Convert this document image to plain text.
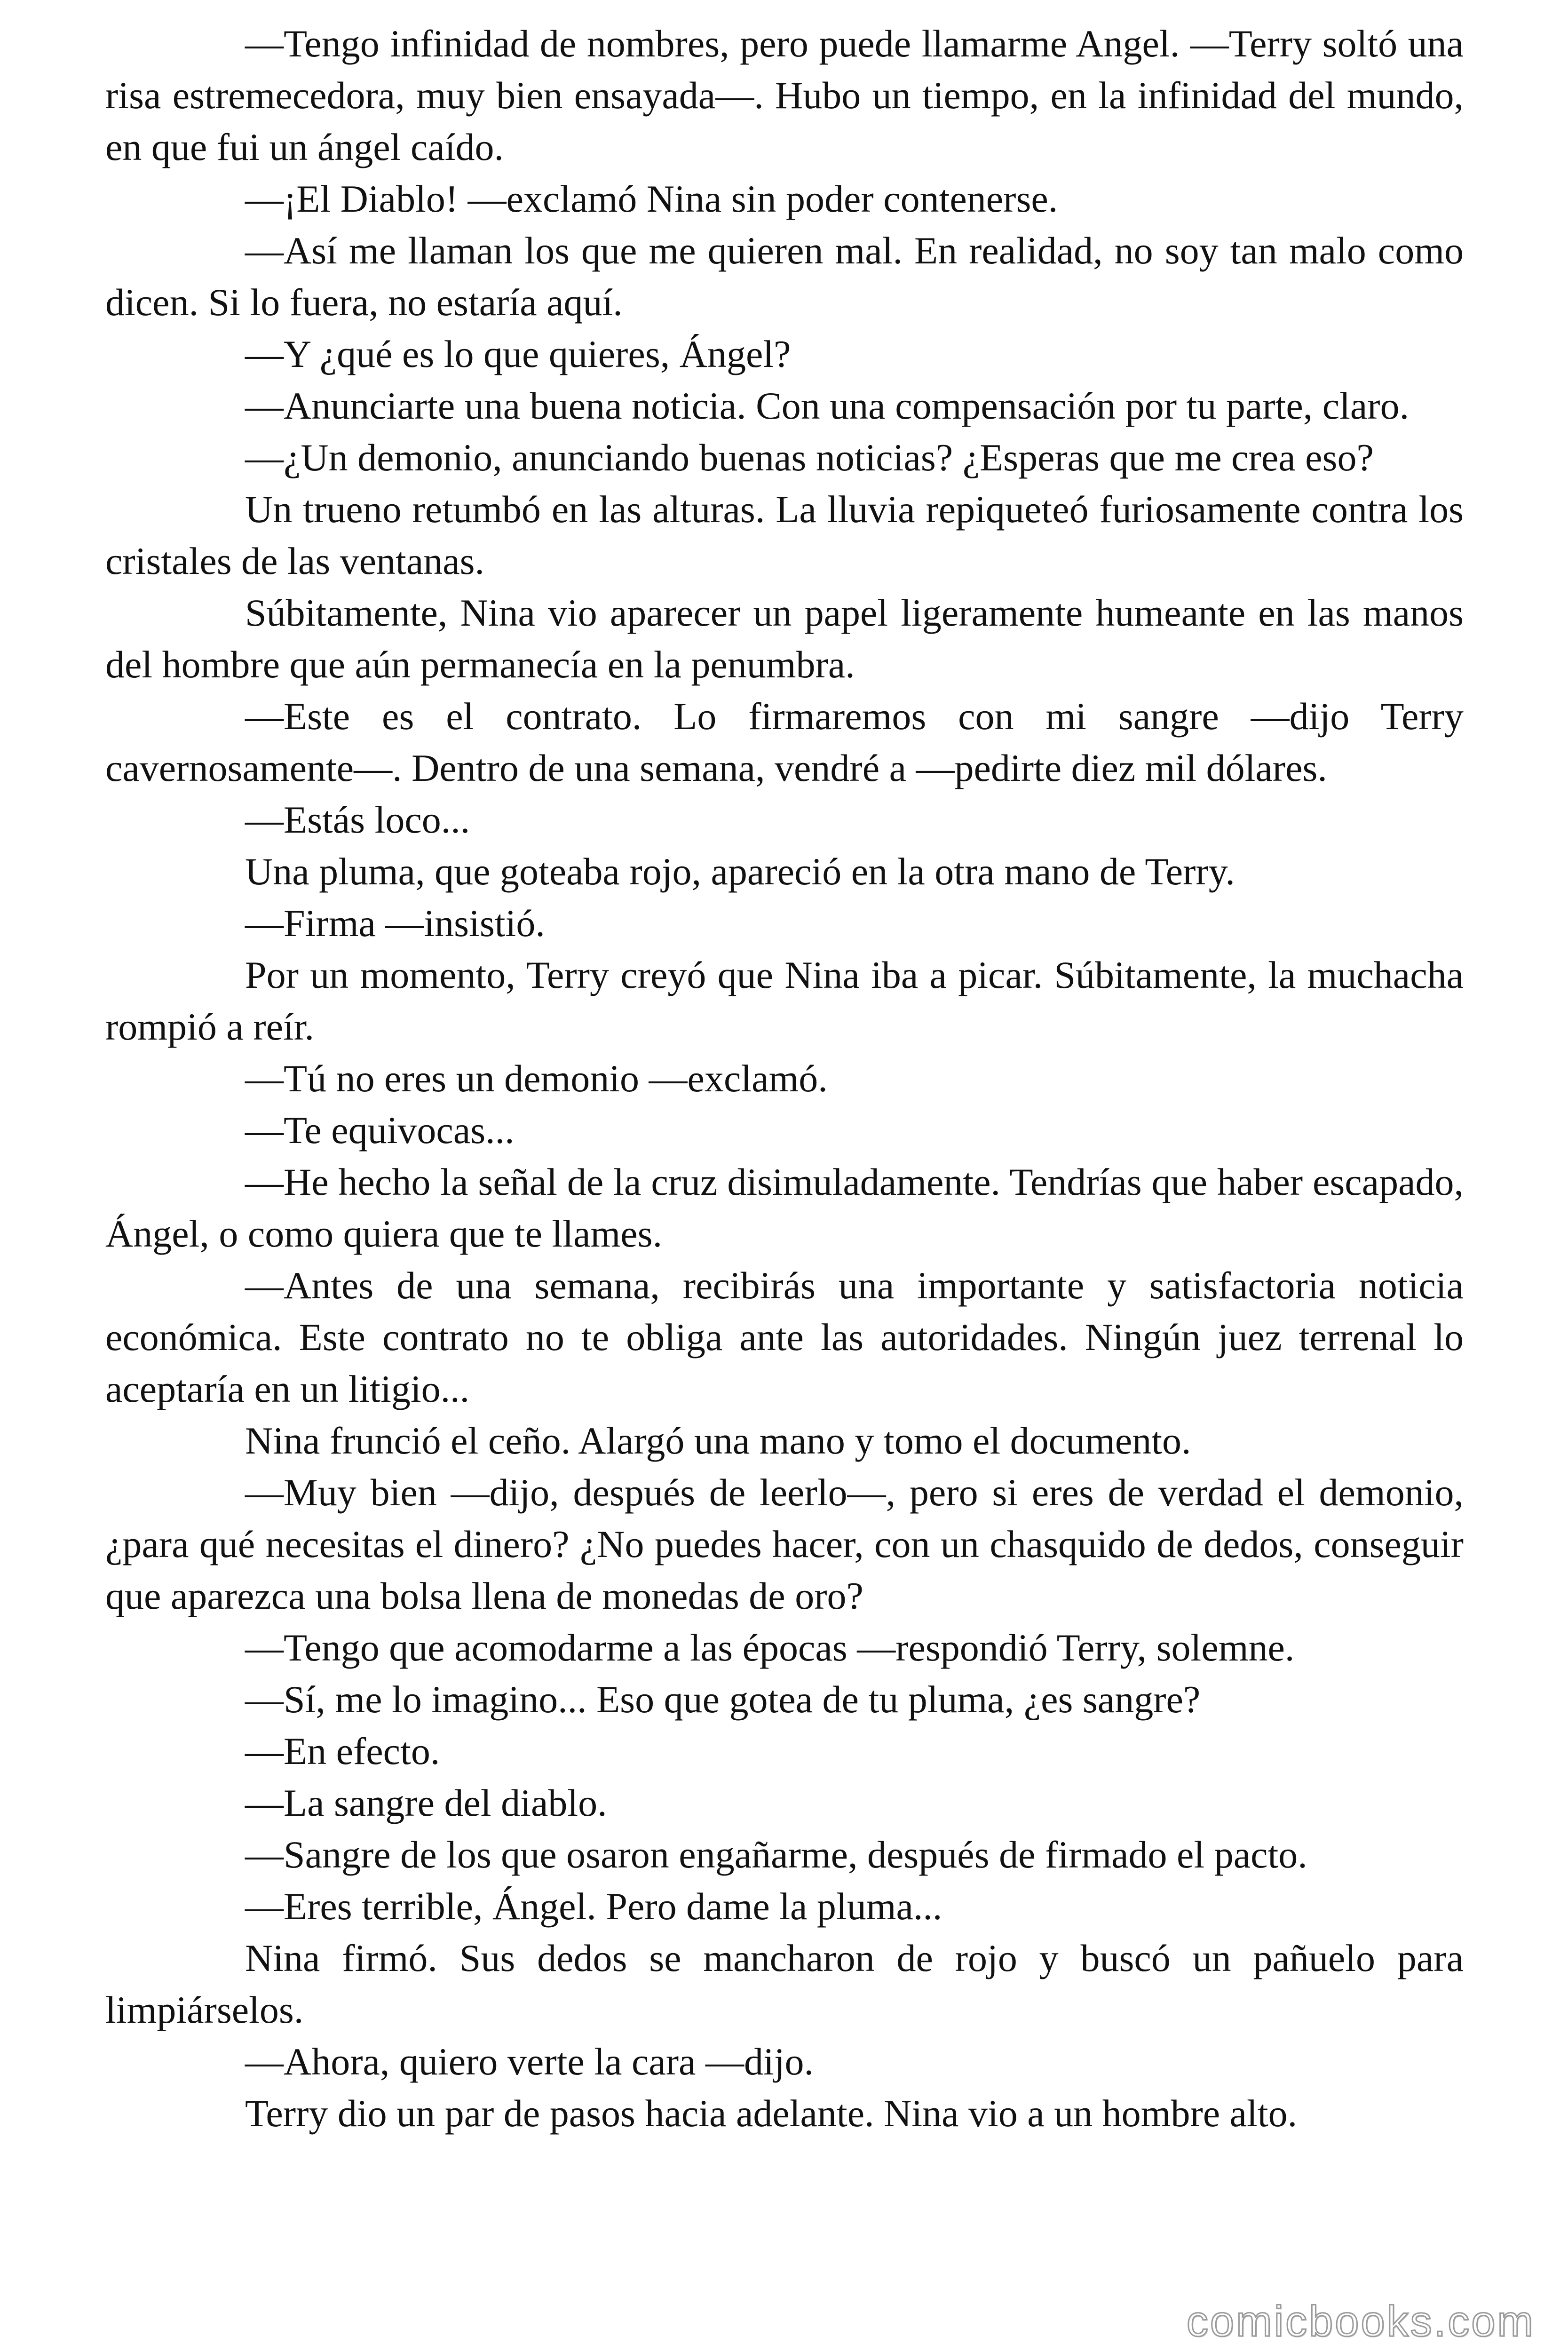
—Tengo infinidad de nombres, pero puede llamarme Angel. —Terry soltó una risa estremecedora, muy bien ensayada—. Hubo un tiempo, en la infinidad del mundo, en que fui un ángel caído.

—¡El Diablo! —exclamó Nina sin poder contenerse.

—Así me llaman los que me quieren mal. En realidad, no soy tan malo como dicen. Si lo fuera, no estaría aquí.

—Y ¿qué es lo que quieres, Ángel?

—Anunciarte una buena noticia. Con una compensación por tu parte, claro.

—¿Un demonio, anunciando buenas noticias? ¿Esperas que me crea eso?

Un trueno retumbó en las alturas. La lluvia repiqueteó furiosamente contra los cristales de las ventanas.

Súbitamente, Nina vio aparecer un papel ligeramente humeante en las manos del hombre que aún permanecía en la penumbra.

—Este es el contrato. Lo firmaremos con mi sangre —dijo Terry cavernosamente—. Dentro de una semana, vendré a —pedirte diez mil dólares.

—Estás loco...

Una pluma, que goteaba rojo, apareció en la otra mano de Terry.

—Firma —insistió.

Por un momento, Terry creyó que Nina iba a picar. Súbitamente, la muchacha rompió a reír.

—Tú no eres un demonio —exclamó.

—Te equivocas...

—He hecho la señal de la cruz disimuladamente. Tendrías que haber escapado, Ángel, o como quiera que te llames.

—Antes de una semana, recibirás una importante y satisfactoria noticia económica. Este contrato no te obliga ante las autoridades. Ningún juez terrenal lo aceptaría en un litigio...

Nina frunció el ceño. Alargó una mano y tomo el documento.

—Muy bien —dijo, después de leerlo—, pero si eres de verdad el demonio, ¿para qué necesitas el dinero? ¿No puedes hacer, con un chasquido de dedos, conseguir que aparezca una bolsa llena de monedas de oro?

—Tengo que acomodarme a las épocas —respondió Terry, solemne.

—Sí, me lo imagino... Eso que gotea de tu pluma, ¿es sangre?

—En efecto.

—La sangre del diablo.

—Sangre de los que osaron engañarme, después de firmado el pacto.

—Eres terrible, Ángel. Pero dame la pluma...

Nina firmó. Sus dedos se mancharon de rojo y buscó un pañuelo para limpiárselos.

—Ahora, quiero verte la cara —dijo.

Terry dio un par de pasos hacia adelante. Nina vio a un hombre alto.

comicbooks.com
